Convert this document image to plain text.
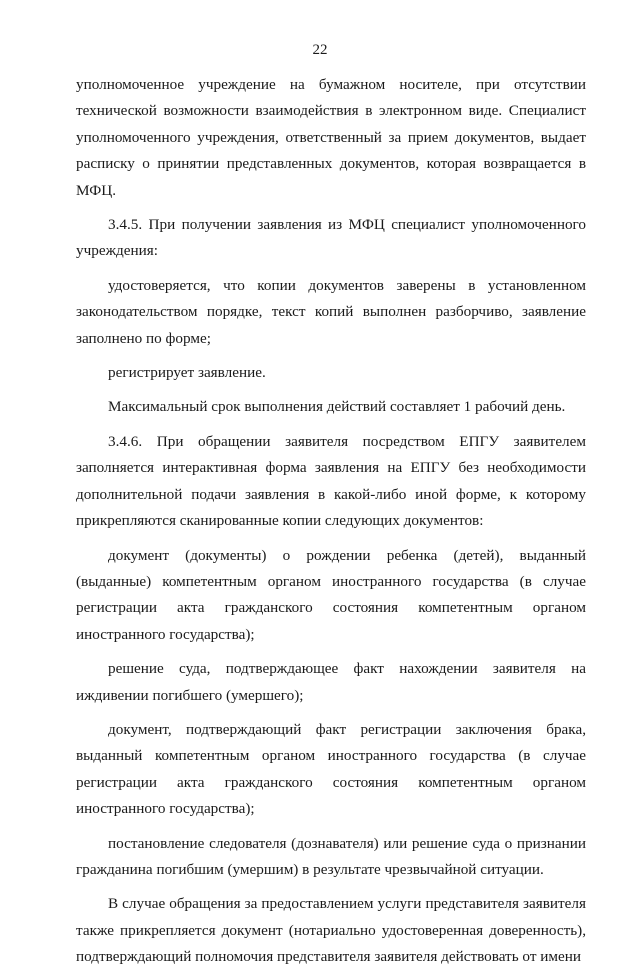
22

уполномоченное учреждение на бумажном носителе, при отсутствии технической возможности взаимодействия в электронном виде. Специалист уполномоченного учреждения, ответственный за прием документов, выдает расписку о принятии представленных документов, которая возвращается в МФЦ.

3.4.5. При получении заявления из МФЦ специалист уполномоченного учреждения:

удостоверяется, что копии документов заверены в установленном законодательством порядке, текст копий выполнен разборчиво, заявление заполнено по форме;

регистрирует заявление.

Максимальный срок выполнения действий составляет 1 рабочий день.

3.4.6. При обращении заявителя посредством ЕПГУ заявителем заполняется интерактивная форма заявления на ЕПГУ без необходимости дополнительной подачи заявления в какой-либо иной форме, к которому прикрепляются сканированные копии следующих документов:

документ (документы) о рождении ребенка (детей), выданный (выданные) компетентным органом иностранного государства (в случае регистрации акта гражданского состояния компетентным органом иностранного государства);

решение суда, подтверждающее факт нахождении заявителя на иждивении погибшего (умершего);

документ, подтверждающий факт регистрации заключения брака, выданный компетентным органом иностранного государства (в случае регистрации акта гражданского состояния компетентным органом иностранного государства);

постановление следователя (дознавателя) или решение суда о признании гражданина погибшим (умершим) в результате чрезвычайной ситуации.

В случае обращения за предоставлением услуги представителя заявителя также прикрепляется документ (нотариально удостоверенная доверенность), подтверждающий полномочия представителя заявителя действовать от имени
